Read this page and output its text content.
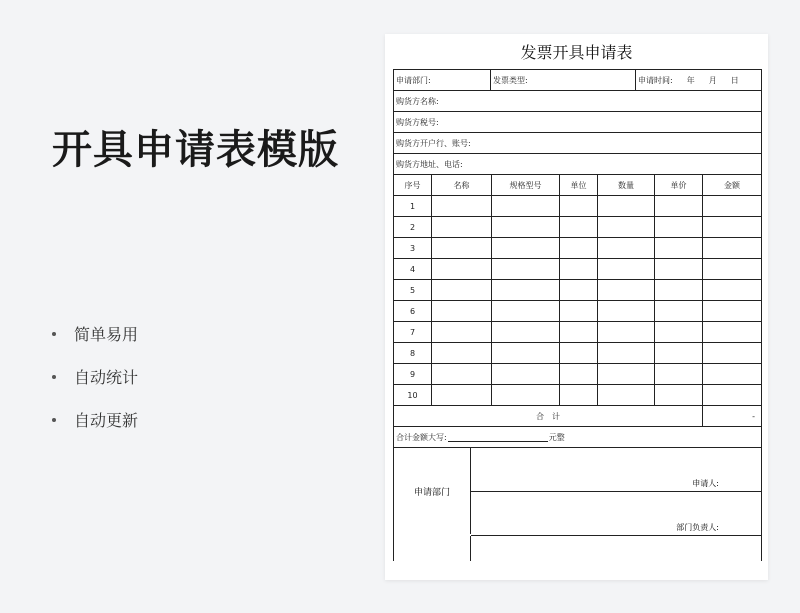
开具申请表模版
简单易用
自动统计
自动更新
发票开具申请表
申请部门:	发票类型:	申请时间: 年 月 日
购货方名称:
购货方税号:
购货方开户行、账号:
购货方地址、电话:
序号	名称	规格型号	单位	数量	单价	金额
1
2
3
4
5
6
7
8
9
10
合　计	-
合计金额大写:	元整
申请部门
申请人:
部门负责人:
